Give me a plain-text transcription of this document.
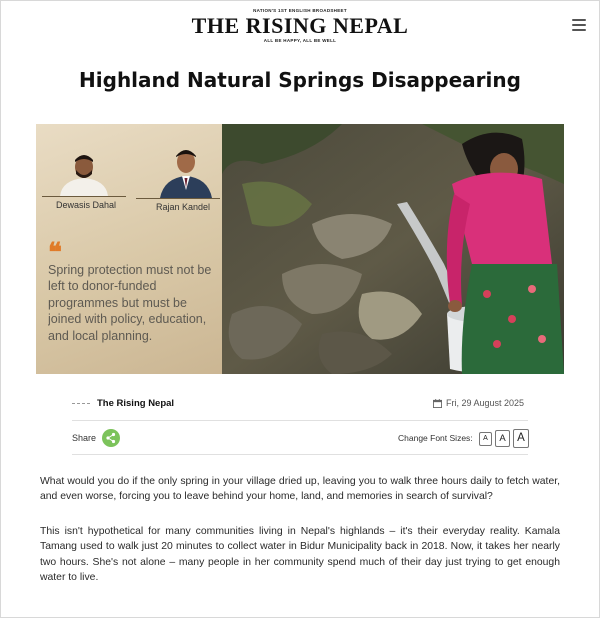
NATION'S 1ST ENGLISH BROADSHEET
THE RISING NEPAL
ALL BE HAPPY, ALL BE WELL
Highland Natural Springs Disappearing
Dewasis Dahal	Rajan Kandel
❝

Spring protection must not be left to donor-funded programmes but must be joined with policy, education, and local planning.

The Rising Nepal	Fri, 29 August 2025
Share	Change Font Sizes:	A	A A

What would you do if the only spring in your village dried up, leaving you to walk three hours daily to fetch water, and even worse, forcing you to leave behind your home, land, and memories in search of survival?

This isn't hypothetical for many communities living in Nepal's highlands – it's their everyday reality. Kamala Tamang used to walk just 20 minutes to collect water in Bidur Municipality back in 2018. Now, it takes her nearly two hours. She's not alone – many people in her community spend much of their day just trying to get enough water to live.
